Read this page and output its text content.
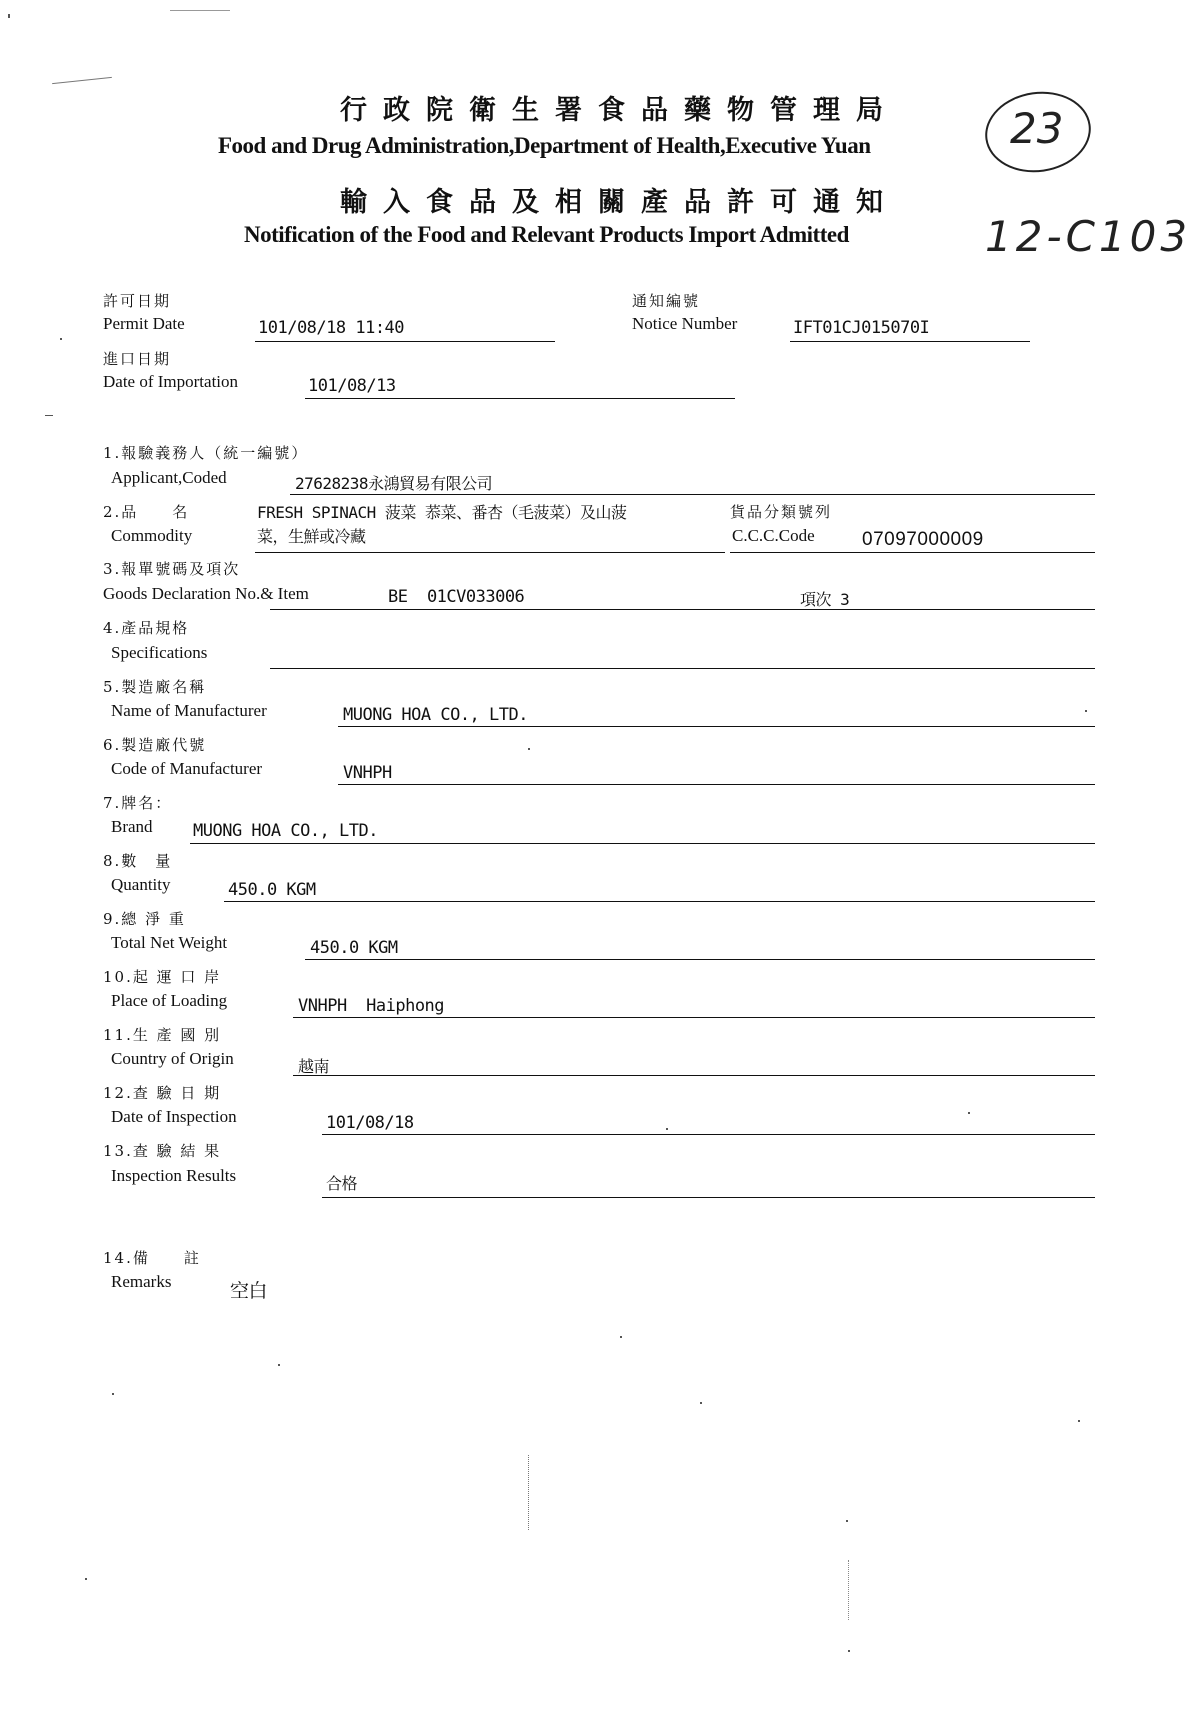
行政院衛生署食品藥物管理局
Food and Drug Administration,Department of Health,Executive Yuan
輸入食品及相關產品許可通知
Notification of the Food and Relevant Products Import Admitted
23
12-C103
許可日期
Permit Date	101/08/18 11:40
通知編號
Notice Number	IFT01CJ015070I
進口日期
Date of Importation	101/08/13
1.報驗義務人（統一編號）
Applicant,Coded	27628238永鴻貿易有限公司
2.品　　名
Commodity
FRESH SPINACH 菠菜 菾菜、番杏（毛菠菜）及山菠
菜，生鮮或冷藏
貨品分類號列
C.C.C.Code 07097000009
3.報單號碼及項次
Goods Declaration No.& Item	BE  01CV033006	項次 3
4.產品規格
Specifications
5.製造廠名稱
Name of Manufacturer	MUONG HOA CO., LTD.
6.製造廠代號
Code of Manufacturer	VNHPH
7.牌名：
Brand MUONG HOA CO., LTD.
8.數　量
Quantity	450.0 KGM
9.總 淨 重
Total Net Weight	450.0 KGM
10.起 運 口 岸
Place of Loading	VNHPH  Haiphong
11.生 產 國 別
Country of Origin	越南
12.查 驗 日 期
Date of Inspection	101/08/18
13.查 驗 結 果
Inspection Results	合格
14.備　　註
Remarks	空白
